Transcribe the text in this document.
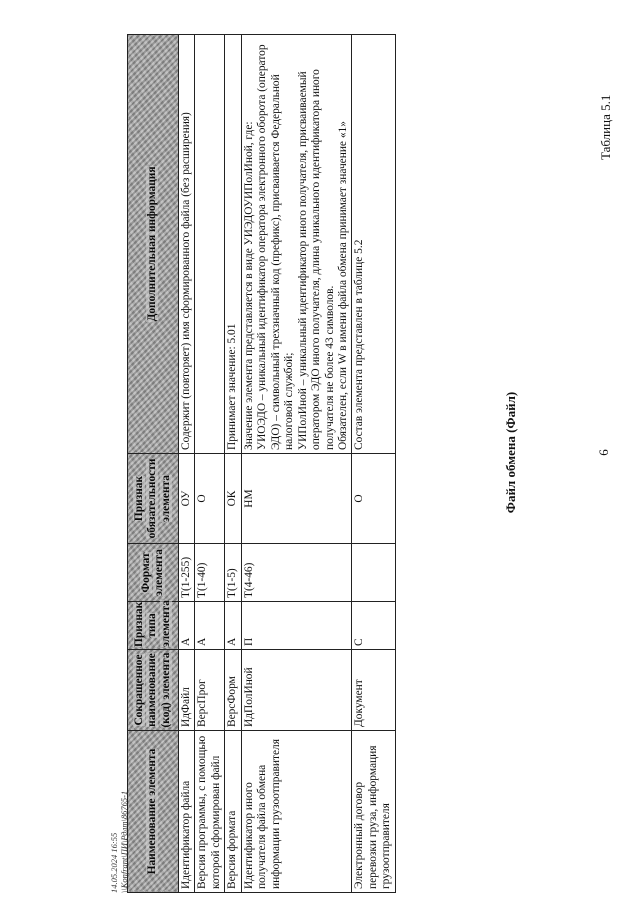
6
Таблица 5.1
Файл обмена (Файл)
Наименование элемента	Сокращенное наименование (код) элемента	Признак типа элемента	Формат элемента	Признак обязательности элемента	Дополнительная информация
Идентификатор файла	ИдФайл	А	T(1-255)	ОУ	Содержит (повторяет) имя сформированного файла (без расширения)
Версия программы, с помощью которой сформирован файл	ВерсПрог	А	T(1-40)	О	
Версия формата	ВерсФорм	А	T(1-5)	ОК	Принимает значение: 5.01
Идентификатор иного получателя файла обмена информации грузоотправителя	ИдПолИной	П	T(4-46)	НМ	Значение элемента представляется в виде УИЭДОУИПолИной, где:
УИОЭДО – уникальный идентификатор оператора электронного оборота (оператор ЭДО) – символьный трехзначный код (префикс), присваивается Федеральной налоговой службой;
УИПолИной – уникальный идентификатор иного получателя, присваиваемый оператором ЭДО иного получателя, длина уникального идентификатора иного получателя не более 43 символов.
Обязателен, если W в имени файла обмена принимает значение «1»
Электронный договор перевозки груза, информация грузоотправителя	Документ	С		О	Состав элемента представлен в таблице 5.2
14.05.2024 16:55 \\Konfrant\ПИ\Рдлт\86765-1
